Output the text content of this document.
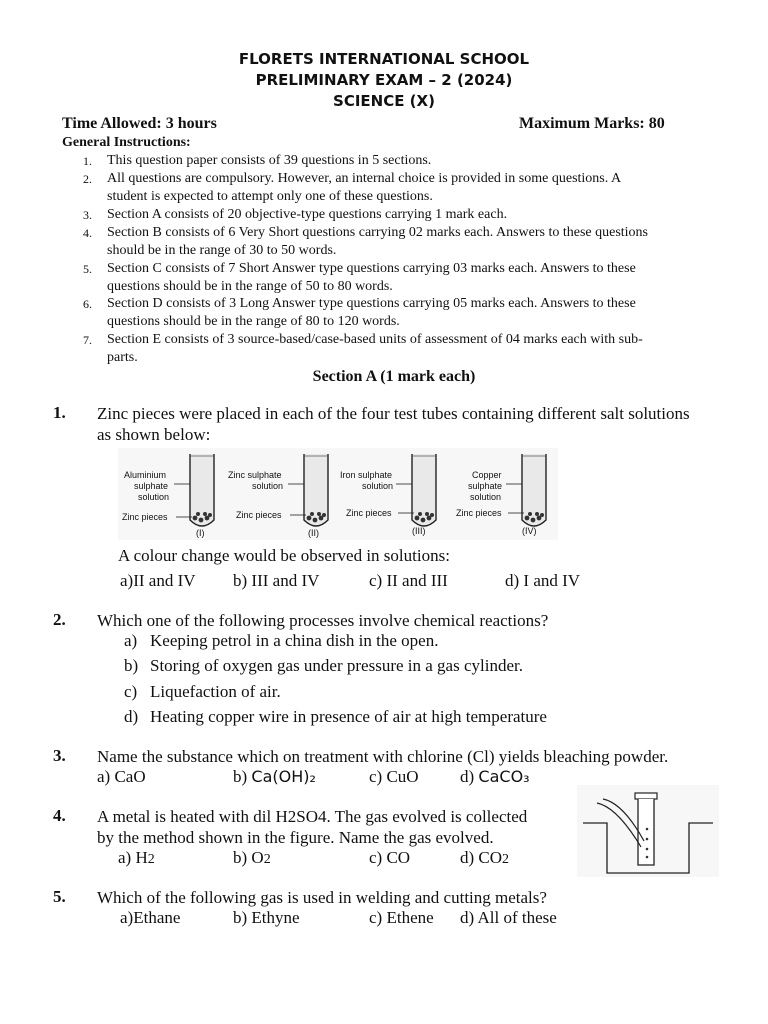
FLORETS INTERNATIONAL SCHOOL
PRELIMINARY EXAM – 2 (2024)
SCIENCE (X)
Time Allowed: 3 hours	Maximum Marks: 80
General Instructions:
1. This question paper consists of 39 questions in 5 sections.
2. All questions are compulsory. However, an internal choice is provided in some questions. A
student is expected to attempt only one of these questions.
3. Section A consists of 20 objective-type questions carrying 1 mark each.
4. Section B consists of 6 Very Short questions carrying 02 marks each. Answers to these questions
should be in the range of 30 to 50 words.
5. Section C consists of 7 Short Answer type questions carrying 03 marks each. Answers to these
questions should be in the range of 50 to 80 words.
6. Section D consists of 3 Long Answer type questions carrying 05 marks each. Answers to these
questions should be in the range of 80 to 120 words.
7. Section E consists of 3 source-based/case-based units of assessment of 04 marks each with sub-
parts.
Section A (1 mark each)
1. Zinc pieces were placed in each of the four test tubes containing different salt solutions
as shown below:
Aluminium
sulphate
solution
Zinc pieces
(I)
Zinc sulphate
solution
Zinc pieces
(II)
Iron sulphate
solution
Zinc pieces
(III)
Copper
sulphate
solution
Zinc pieces
(IV)
A colour change would be observed in solutions:
a)II and IV b) III and IV	c) II and III	d) I and IV
2. Which one of the following processes involve chemical reactions?
a) Keeping petrol in a china dish in the open.
b) Storing of oxygen gas under pressure in a gas cylinder.
c) Liquefaction of air.
d) Heating copper wire in presence of air at high temperature
3. Name the substance which on treatment with chlorine (Cl) yields bleaching powder.
a) CaO	b) Ca(OH)₂	c) CuO d) CaCO₃
4. A metal is heated with dil H2SO4. The gas evolved is collected
by the method shown in the figure. Name the gas evolved.
a) H2	b) O2	c) CO	d) CO2
5. Which of the following gas is used in welding and cutting metals?
a)Ethane	b) Ethyne	c) Ethene d) All of these
